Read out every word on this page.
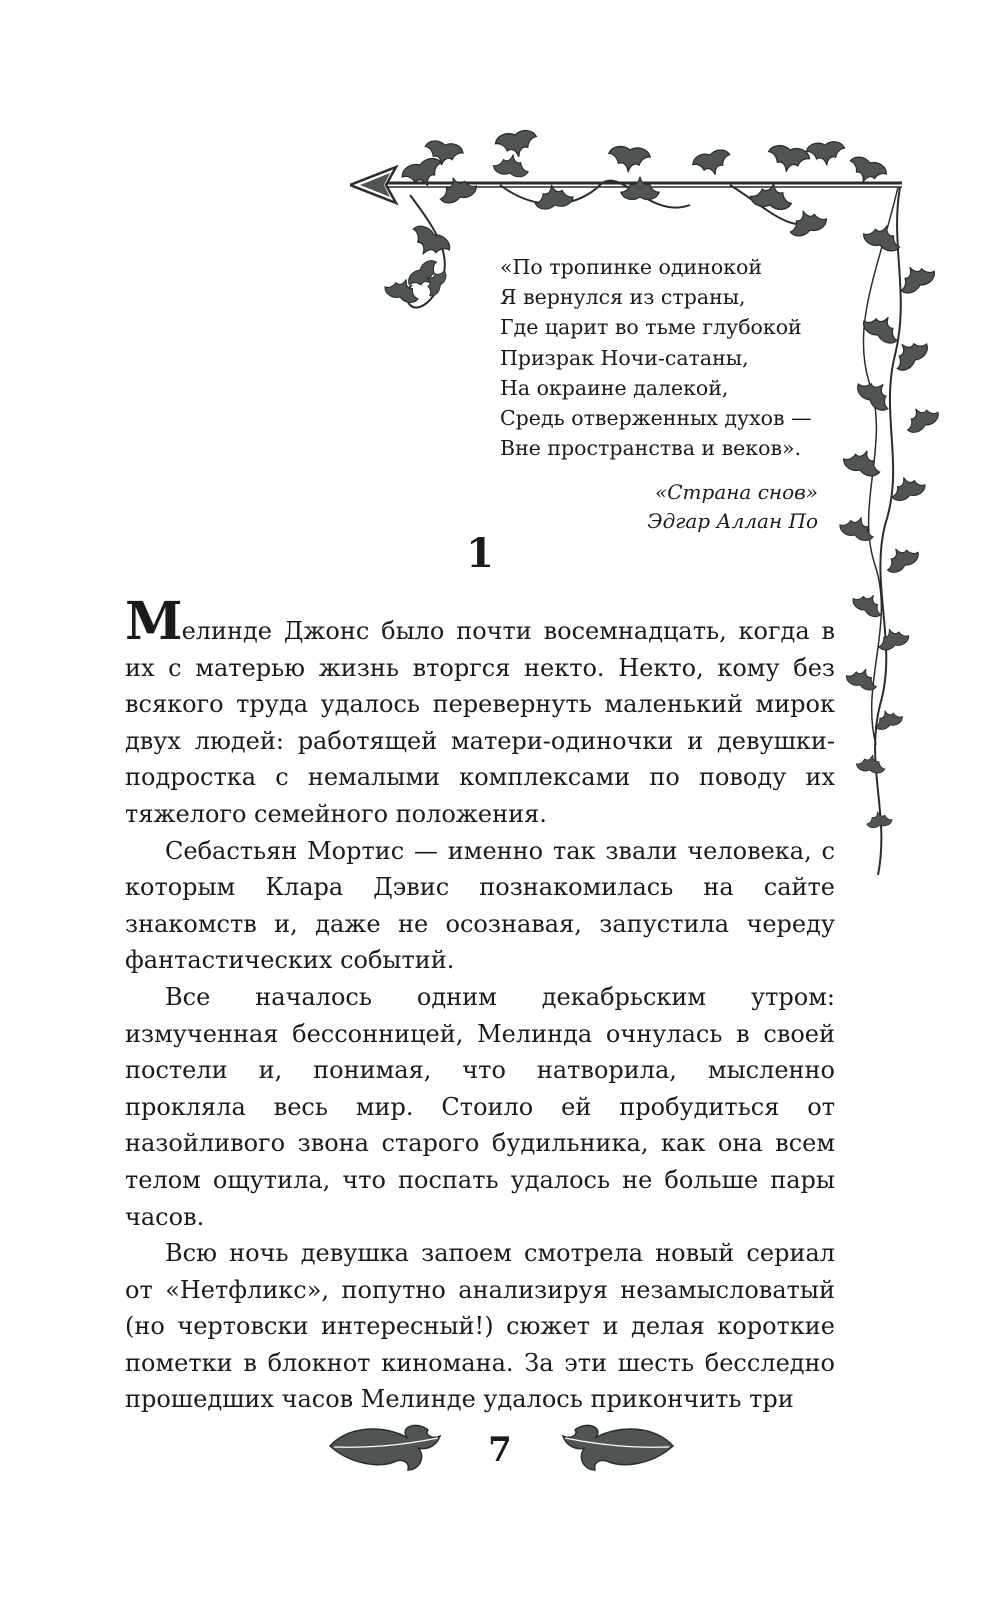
«По тропинке одинокой
Я вернулся из страны,
Где царит во тьме глубокой
Призрак Ночи-сатаны,
На окраине далекой,
Средь отверженных духов —
Вне пространства и веков».
«Страна снов»
Эдгар Аллан По
1

Мелинде Джонс было почти восемнадцать, когда в их с матерью жизнь вторгся некто. Некто, кому без всякого труда удалось перевернуть маленький мирок двух людей: работящей матери-одиночки и девушки-подростка с немалыми комплексами по поводу их тяжелого семейного положения.

Себастьян Мортис — именно так звали человека, с которым Клара Дэвис познакомилась на сайте знакомств и, даже не осознавая, запустила череду фантастических событий.

Все началось одним декабрьским утром: измученная бессонницей, Мелинда очнулась в своей постели и, понимая, что натворила, мысленно прокляла весь мир. Стоило ей пробудиться от назойливого звона старого будильника, как она всем телом ощутила, что поспать удалось не больше пары часов.

Всю ночь девушка запоем смотрела новый сериал от «Нетфликс», попутно анализируя незамысловатый (но чертовски интересный!) сюжет и делая короткие пометки в блокнот киномана. За эти шесть бесследно прошедших часов Мелинде удалось прикончить три

7
